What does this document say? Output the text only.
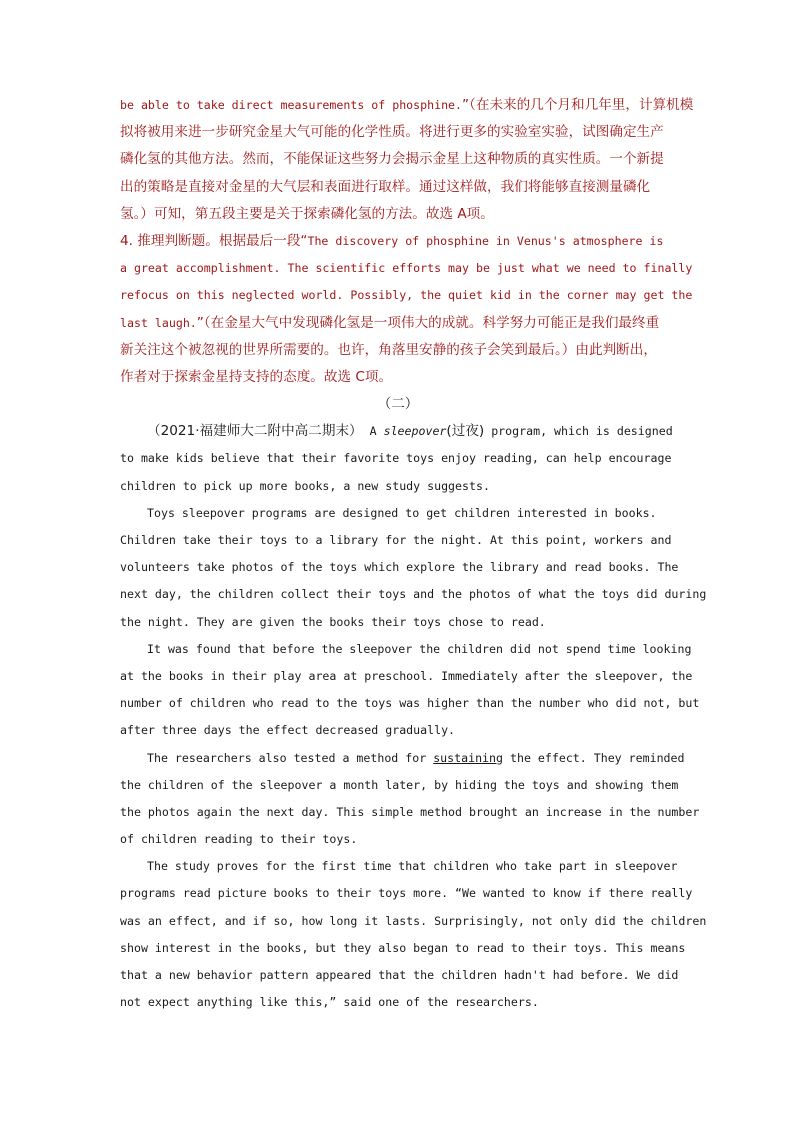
be able to take direct measurements of phosphine.”（在未来的几个月和几年里，计算机模
拟将被用来进一步研究金星大气可能的化学性质。将进行更多的实验室实验，试图确定生产
磷化氢的其他方法。然而，不能保证这些努力会揭示金星上这种物质的真实性质。一个新提
出的策略是直接对金星的大气层和表面进行取样。通过这样做，我们将能够直接测量磷化
氢。）可知，第五段主要是关于探索磷化氢的方法。故选 A项。
4. 推理判断题。根据最后一段“The discovery of phosphine in Venus's atmosphere is
a great accomplishment. The scientific efforts may be just what we need to finally
refocus on this neglected world. Possibly, the quiet kid in the corner may get the
last laugh.”（在金星大气中发现磷化氢是一项伟大的成就。科学努力可能正是我们最终重
新关注这个被忽视的世界所需要的。也许，角落里安静的孩子会笑到最后。）由此判断出，
作者对于探索金星持支持的态度。故选 C项。
（二）
（2021·福建师大二附中高二期末） A sleepover(过夜) program, which is designed
to make kids believe that their favorite toys enjoy reading, can help encourage
children to pick up more books, a new study suggests.
Toys sleepover programs are designed to get children interested in books.
Children take their toys to a library for the night. At this point, workers and
volunteers take photos of the toys which explore the library and read books. The
next day, the children collect their toys and the photos of what the toys did during
the night. They are given the books their toys chose to read.
It was found that before the sleepover the children did not spend time looking
at the books in their play area at preschool. Immediately after the sleepover, the
number of children who read to the toys was higher than the number who did not, but
after three days the effect decreased gradually.
The researchers also tested a method for sustaining the effect. They reminded
the children of the sleepover a month later, by hiding the toys and showing them
the photos again the next day. This simple method brought an increase in the number
of children reading to their toys.
The study proves for the first time that children who take part in sleepover
programs read picture books to their toys more. “We wanted to know if there really
was an effect, and if so, how long it lasts. Surprisingly, not only did the children
show interest in the books, but they also began to read to their toys. This means
that a new behavior pattern appeared that the children hadn't had before. We did
not expect anything like this,” said one of the researchers.
